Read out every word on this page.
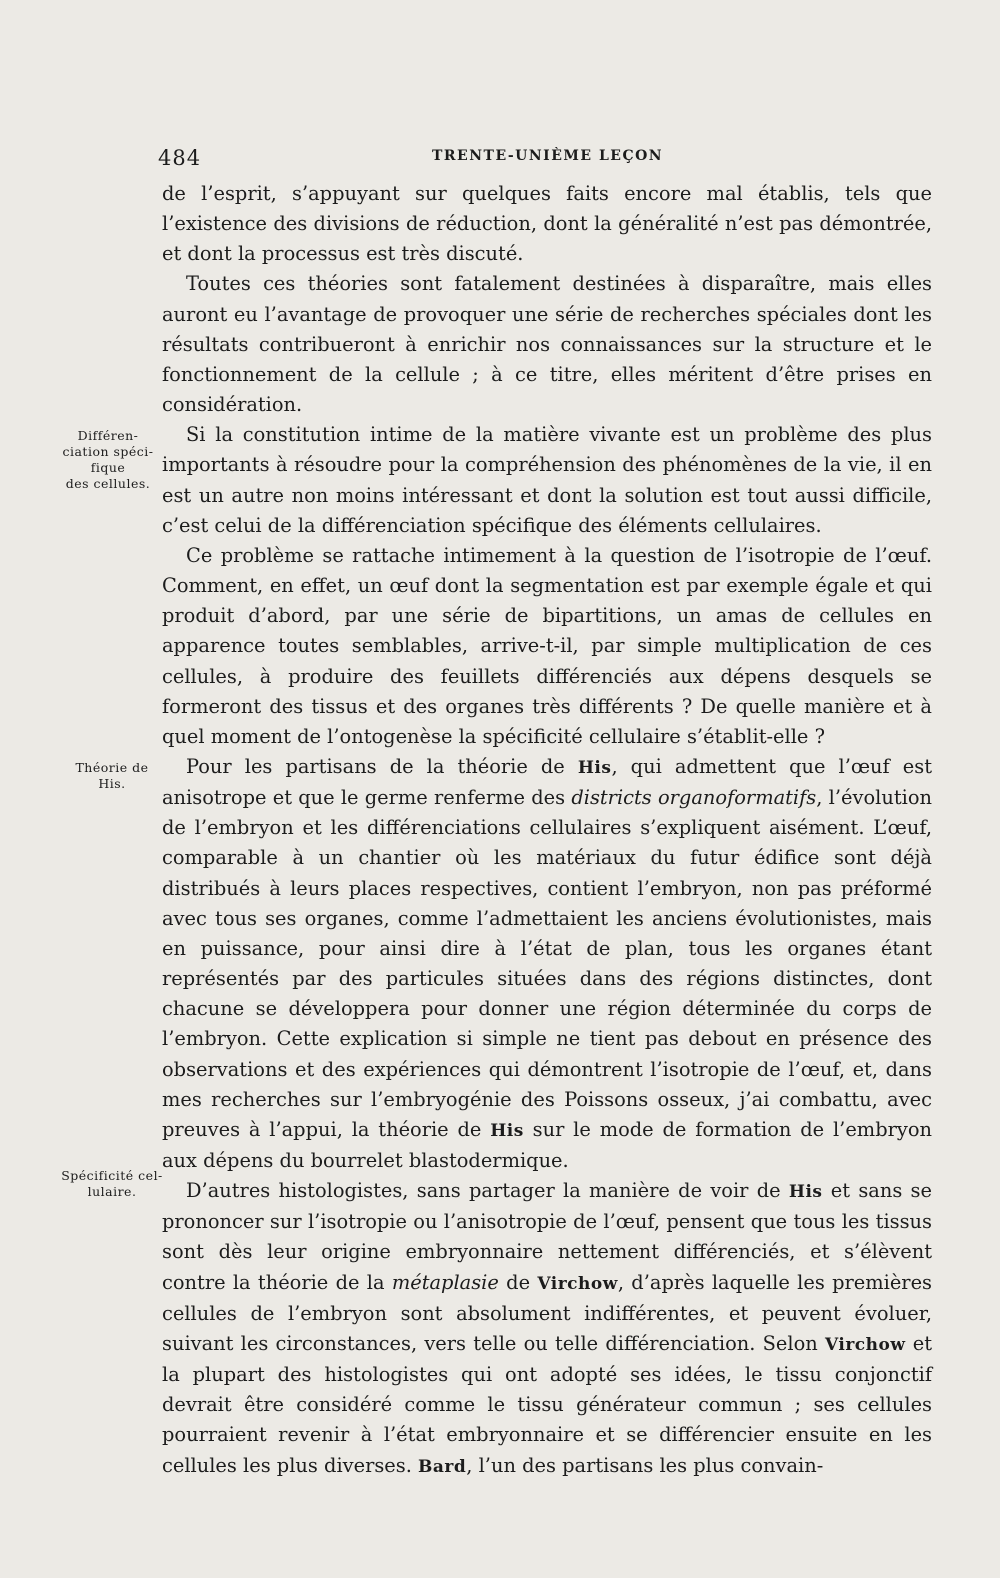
484	TRENTE-UNIÈME LEÇON
Différen-
ciation spéci-
fique
des cellules.
Théorie de
His.
Spécificité cel-
lulaire.

de l’esprit, s’appuyant sur quelques faits encore mal établis, tels que l’existence des divisions de réduction, dont la généralité n’est pas démontrée, et dont la processus est très discuté.

Toutes ces théories sont fatalement destinées à disparaître, mais elles auront eu l’avantage de provoquer une série de recherches spéciales dont les résultats contribueront à enrichir nos connaissances sur la structure et le fonctionnement de la cellule ; à ce titre, elles méritent d’être prises en considération.

Si la constitution intime de la matière vivante est un problème des plus importants à résoudre pour la compréhension des phénomènes de la vie, il en est un autre non moins intéressant et dont la solution est tout aussi difficile, c’est celui de la différenciation spécifique des éléments cellulaires.

Ce problème se rattache intimement à la question de l’isotropie de l’œuf. Comment, en effet, un œuf dont la segmentation est par exemple égale et qui produit d’abord, par une série de bipartitions, un amas de cellules en apparence toutes semblables, arrive-t-il, par simple multiplication de ces cellules, à produire des feuillets différenciés aux dépens desquels se formeront des tissus et des organes très différents ? De quelle manière et à quel moment de l’ontogenèse la spécificité cellulaire s’établit-elle ?

Pour les partisans de la théorie de His, qui admettent que l’œuf est anisotrope et que le germe renferme des districts organoformatifs, l’évolution de l’embryon et les différenciations cellulaires s’expliquent aisément. L’œuf, comparable à un chantier où les matériaux du futur édifice sont déjà distribués à leurs places respectives, contient l’embryon, non pas préformé avec tous ses organes, comme l’admettaient les anciens évolutionistes, mais en puissance, pour ainsi dire à l’état de plan, tous les organes étant représentés par des particules situées dans des régions distinctes, dont chacune se développera pour donner une région déterminée du corps de l’embryon. Cette explication si simple ne tient pas debout en présence des observations et des expériences qui démontrent l’isotropie de l’œuf, et, dans mes recherches sur l’embryogénie des Poissons osseux, j’ai combattu, avec preuves à l’appui, la théorie de His sur le mode de formation de l’embryon aux dépens du bourrelet blastodermique.

D’autres histologistes, sans partager la manière de voir de His et sans se prononcer sur l’isotropie ou l’anisotropie de l’œuf, pensent que tous les tissus sont dès leur origine embryonnaire nettement différenciés, et s’élèvent contre la théorie de la métaplasie de Virchow, d’après laquelle les premières cellules de l’embryon sont absolument indifférentes, et peuvent évoluer, suivant les circonstances, vers telle ou telle différenciation. Selon Virchow et la plupart des histologistes qui ont adopté ses idées, le tissu conjonctif devrait être considéré comme le tissu générateur commun ; ses cellules pourraient revenir à l’état embryonnaire et se différencier ensuite en les cellules les plus diverses. Bard, l’un des partisans les plus convain-
